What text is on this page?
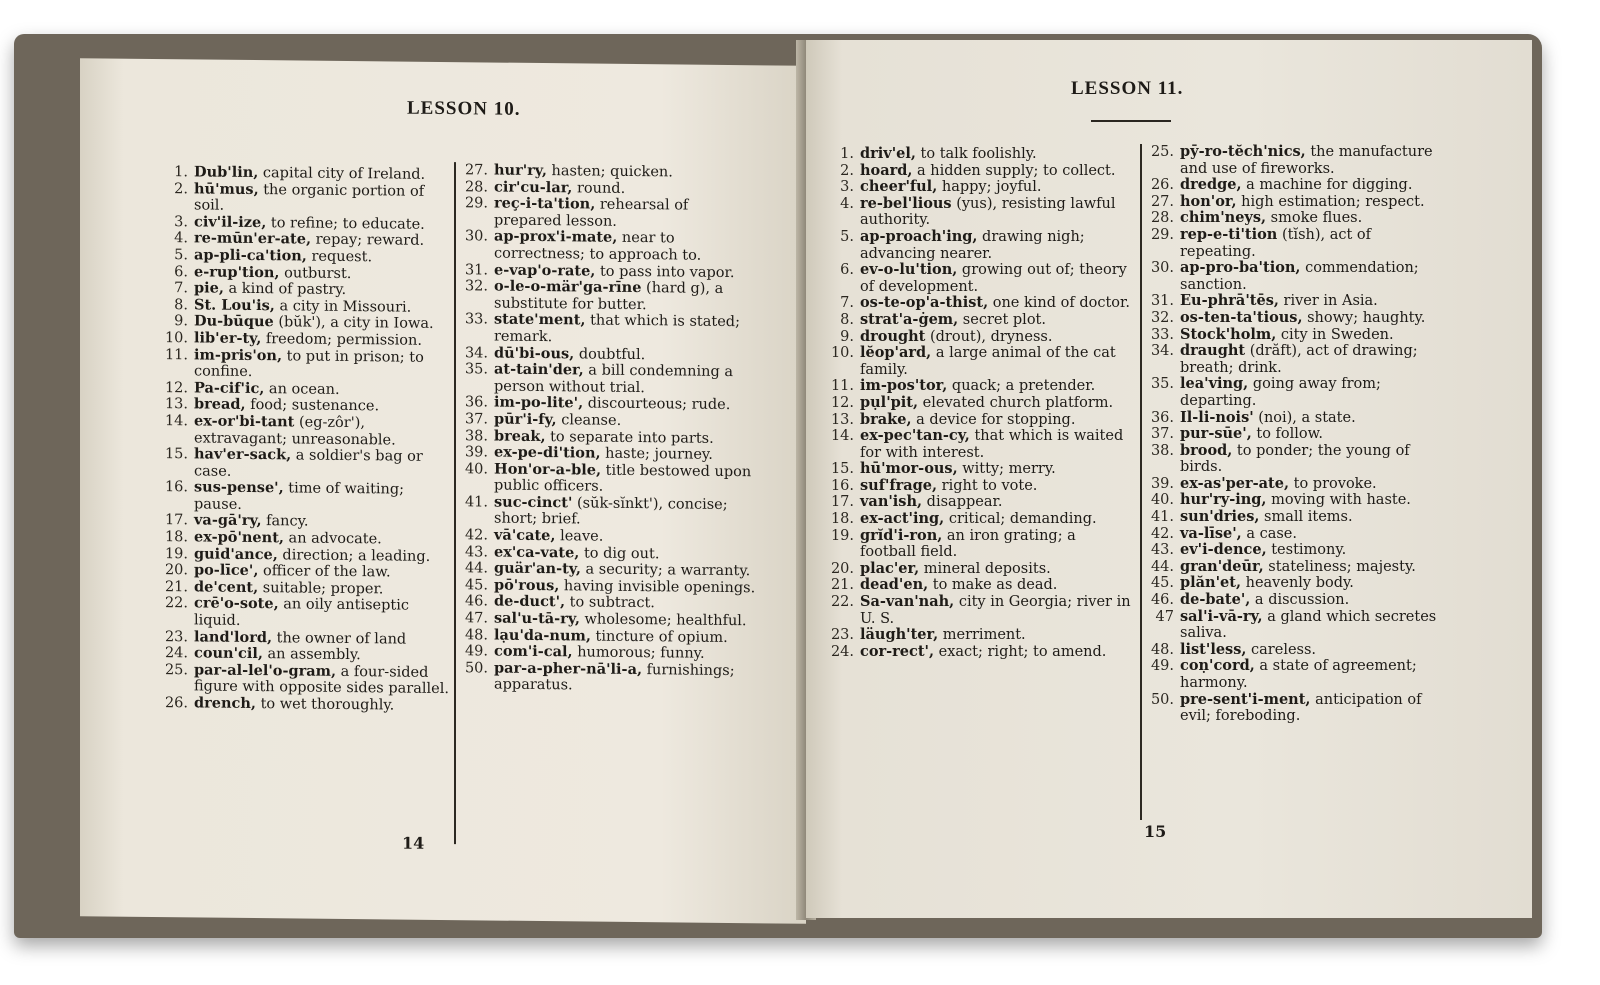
LESSON 10.
1. Dub'lin, capital city of Ireland.
2. hū'mus, the organic portion of soil.
3. civ'il-ize, to refine; to educate.
4. re-mūn'er-ate, repay; reward.
5. ap-pli-ca'tion, request.
6. e-rup'tion, outburst.
7. pie, a kind of pastry.
8. St. Lou'is, a city in Missouri.
9. Du-būque (bŭk'), a city in Iowa.
10. lib'er-ty, freedom; permission.
11. im-pris'on, to put in prison; to confine.
12. Pa-cif'ic, an ocean.
13. bread, food; sustenance.
14. ex-or'bi-tant (eg-zôr'), extravagant; unreasonable.
15. hav'er-sack, a soldier's bag or case.
16. sus-pense', time of waiting; pause.
17. va-gā'ry, fancy.
18. ex-pō'nent, an advocate.
19. guid'ance, direction; a leading.
20. po-līce', officer of the law.
21. de'cent, suitable; proper.
22. crē'o-sote, an oily antiseptic liquid.
23. land'lord, the owner of land
24. coun'cil, an assembly.
25. par-al-lel'o-gram, a four-sided figure with opposite sides parallel.
26. drench, to wet thoroughly.
27. hur'ry, hasten; quicken.
28. cir'cu-lar, round.
29. reç-i-ta'tion, rehearsal of prepared lesson.
30. ap-prox'i-mate, near to correctness; to approach to.
31. e-vap'o-rate, to pass into vapor.
32. o-le-o-mär'ga-rīne (hard g), a substitute for butter.
33. state'ment, that which is stated; remark.
34. dū'bi-ous, doubtful.
35. at-tain'der, a bill condemning a person without trial.
36. im-po-lite', discourteous; rude.
37. pūr'i-fy, cleanse.
38. break, to separate into parts.
39. ex-pe-di'tion, haste; journey.
40. Hon'or-a-ble, title bestowed upon public officers.
41. suc-cinct' (sŭk-sĭnkt'), concise; short; brief.
42. vā'cate, leave.
43. ex'ca-vate, to dig out.
44. guär'an-ty, a security; a warranty.
45. pō'rous, having invisible openings.
46. de-duct', to subtract.
47. sal'u-tā-ry, wholesome; healthful.
48. lạu'da-num, tincture of opium.
49. com'i-cal, humorous; funny.
50. par-a-pher-nā'li-a, furnishings; apparatus.
14
LESSON 11.
1. driv'el, to talk foolishly.
2. hoard, a hidden supply; to collect.
3. cheer'ful, happy; joyful.
4. re-bel'lious (yus), resisting lawful authority.
5. ap-proach'ing, drawing nigh; advancing nearer.
6. ev-o-lu'tion, growing out of; theory of development.
7. os-te-op'a-thist, one kind of doctor.
8. strat'a-ġem, secret plot.
9. drought (drout), dryness.
10. lĕop'ard, a large animal of the cat family.
11. im-pos'tor, quack; a pretender.
12. pụl'pit, elevated church platform.
13. brake, a device for stopping.
14. ex-pec'tan-cy, that which is waited for with interest.
15. hū'mor-ous, witty; merry.
16. suf'frage, right to vote.
17. van'ish, disappear.
18. ex-act'ing, critical; demanding.
19. grĭd'i-ron, an iron grating; a football field.
20. plac'er, mineral deposits.
21. dead'en, to make as dead.
22. Sa-van'nah, city in Georgia; river in U. S.
23. läugh'ter, merriment.
24. cor-rect', exact; right; to amend.
25. pȳ-ro-tĕch'nics, the manufacture and use of fireworks.
26. dredge, a machine for digging.
27. hon'or, high estimation; respect.
28. chim'neys, smoke flues.
29. rep-e-ti'tion (tĭsh), act of repeating.
30. ap-pro-ba'tion, commendation; sanction.
31. Eu-phrā'tēs, river in Asia.
32. os-ten-ta'tious, showy; haughty.
33. Stock'holm, city in Sweden.
34. draught (drăft), act of drawing; breath; drink.
35. lea'ving, going away from; departing.
36. Il-li-nois' (noi), a state.
37. pur-sūe', to follow.
38. brood, to ponder; the young of birds.
39. ex-as'per-ate, to provoke.
40. hur'ry-ing, moving with haste.
41. sun'dries, small items.
42. va-līse', a case.
43. ev'i-dence, testimony.
44. gran'deūr, stateliness; majesty.
45. plăn'et, heavenly body.
46. de-bate', a discussion.
47 sal'i-vā-ry, a gland which secretes saliva.
48. list'less, careless.
49. coṇ'cord, a state of agreement; harmony.
50. pre-sent'i-ment, anticipation of evil; foreboding.
15
